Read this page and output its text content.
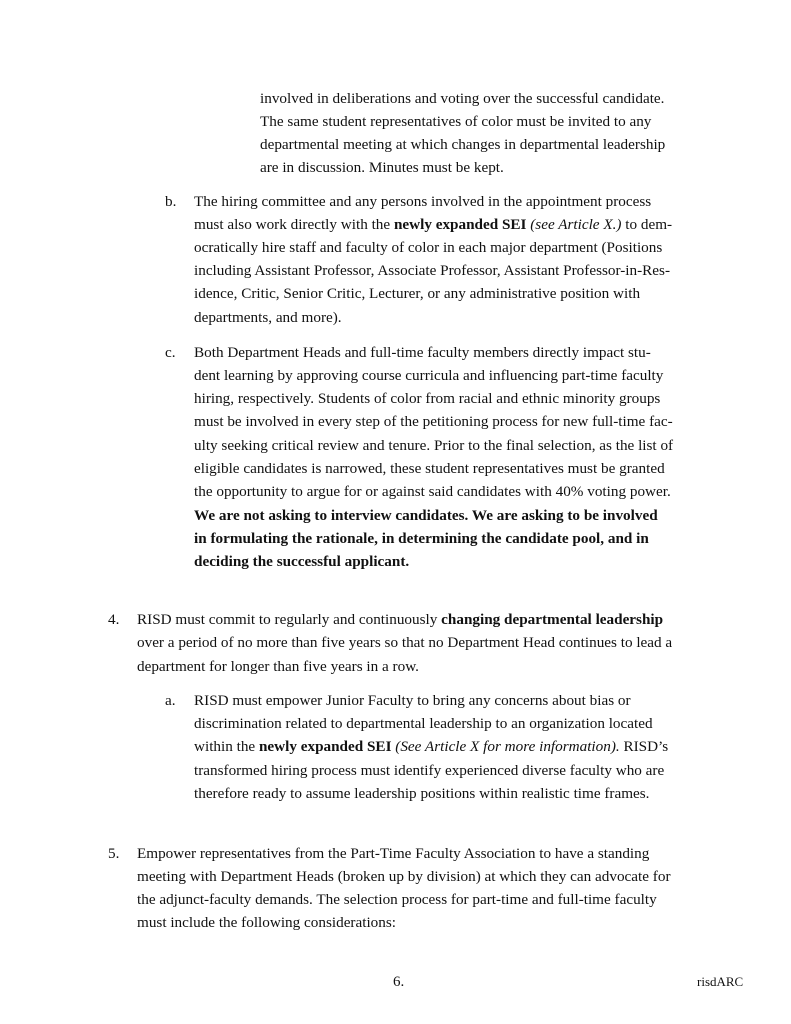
involved in deliberations and voting over the successful candidate.
The same student representatives of color must be invited to any
departmental meeting at which changes in departmental leadership
are in discussion. Minutes must be kept.
b. The hiring committee and any persons involved in the appointment process
must also work directly with the newly expanded SEI (see Article X.) to dem-
ocratically hire staff and faculty of color in each major department (Positions
including Assistant Professor, Associate Professor, Assistant Professor-in-Res-
idence, Critic, Senior Critic, Lecturer, or any administrative position with
departments, and more).
c. Both Department Heads and full-time faculty members directly impact stu-
dent learning by approving course curricula and influencing part-time faculty
hiring, respectively. Students of color from racial and ethnic minority groups
must be involved in every step of the petitioning process for new full-time fac-
ulty seeking critical review and tenure. Prior to the final selection, as the list of
eligible candidates is narrowed, these student representatives must be granted
the opportunity to argue for or against said candidates with 40% voting power.
We are not asking to interview candidates. We are asking to be involved
in formulating the rationale, in determining the candidate pool, and in
deciding the successful applicant.
4. RISD must commit to regularly and continuously changing departmental leadership
over a period of no more than five years so that no Department Head continues to lead a
department for longer than five years in a row.
a. RISD must empower Junior Faculty to bring any concerns about bias or
discrimination related to departmental leadership to an organization located
within the newly expanded SEI (See Article X for more information). RISD’s
transformed hiring process must identify experienced diverse faculty who are
therefore ready to assume leadership positions within realistic time frames.
5. Empower representatives from the Part-Time Faculty Association to have a standing
meeting with Department Heads (broken up by division) at which they can advocate for
the adjunct-faculty demands. The selection process for part-time and full-time faculty
must include the following considerations:
6.	risdARC
